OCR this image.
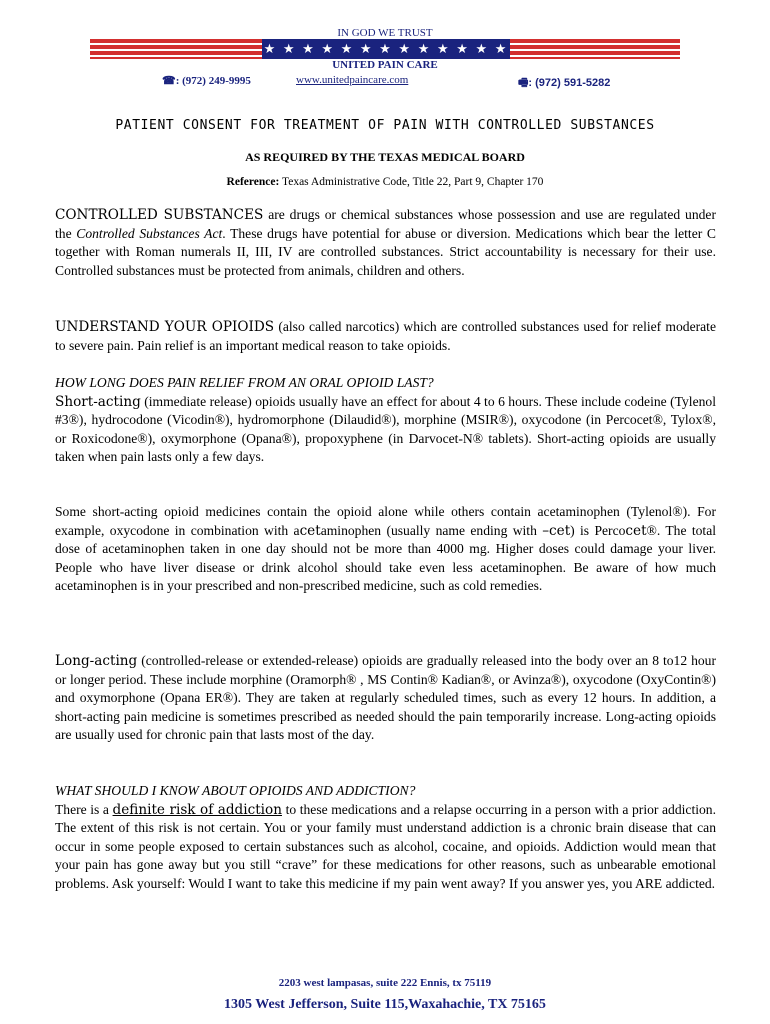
IN GOD WE TRUST
★ ★ ★ ★ ★ ★ ★ ★ ★ ★ ★ ★ ★
UNITED PAIN CARE
☎: (972) 249-9995	www.unitedpaincare.com	🖷: (972) 591-5282
PATIENT CONSENT FOR TREATMENT OF PAIN WITH CONTROLLED SUBSTANCES
AS REQUIRED BY THE TEXAS MEDICAL BOARD
Reference: Texas Administrative Code, Title 22, Part 9, Chapter 170
CONTROLLED SUBSTANCES are drugs or chemical substances whose possession and use are regulated under the Controlled Substances Act. These drugs have potential for abuse or diversion. Medications which bear the letter C together with Roman numerals II, III, IV are controlled substances. Strict accountability is necessary for their use. Controlled substances must be protected from animals, children and others.
UNDERSTAND YOUR OPIOIDS (also called narcotics) which are controlled substances used for relief moderate to severe pain. Pain relief is an important medical reason to take opioids.
HOW LONG DOES PAIN RELIEF FROM AN ORAL OPIOID LAST?
Short-acting (immediate release) opioids usually have an effect for about 4 to 6 hours. These include codeine (Tylenol #3®), hydrocodone (Vicodin®), hydromorphone (Dilaudid®), morphine (MSIR®), oxycodone (in Percocet®, Tylox®, or Roxicodone®), oxymorphone (Opana®), propoxyphene (in Darvocet-N® tablets). Short-acting opioids are usually taken when pain lasts only a few days.
Some short-acting opioid medicines contain the opioid alone while others contain acetaminophen (Tylenol®). For example, oxycodone in combination with acetaminophen (usually name ending with –cet) is Percocet®. The total dose of acetaminophen taken in one day should not be more than 4000 mg. Higher doses could damage your liver. People who have liver disease or drink alcohol should take even less acetaminophen. Be aware of how much acetaminophen is in your prescribed and non-prescribed medicine, such as cold remedies.
Long-acting (controlled-release or extended-release) opioids are gradually released into the body over an 8 to12 hour or longer period. These include morphine (Oramorph® , MS Contin® Kadian®, or Avinza®), oxycodone (OxyContin®) and oxymorphone (Opana ER®). They are taken at regularly scheduled times, such as every 12 hours. In addition, a short-acting pain medicine is sometimes prescribed as needed should the pain temporarily increase. Long-acting opioids are usually used for chronic pain that lasts most of the day.
WHAT SHOULD I KNOW ABOUT OPIOIDS AND ADDICTION?
There is a definite risk of addiction to these medications and a relapse occurring in a person with a prior addiction. The extent of this risk is not certain. You or your family must understand addiction is a chronic brain disease that can occur in some people exposed to certain substances such as alcohol, cocaine, and opioids. Addiction would mean that your pain has gone away but you still “crave” for these medications for other reasons, such as unbearable emotional problems. Ask yourself: Would I want to take this medicine if my pain went away? If you answer yes, you ARE addicted.
2203 west lampasas, suite 222 Ennis, tx 75119
1305 West Jefferson, Suite 115,Waxahachie, TX 75165
